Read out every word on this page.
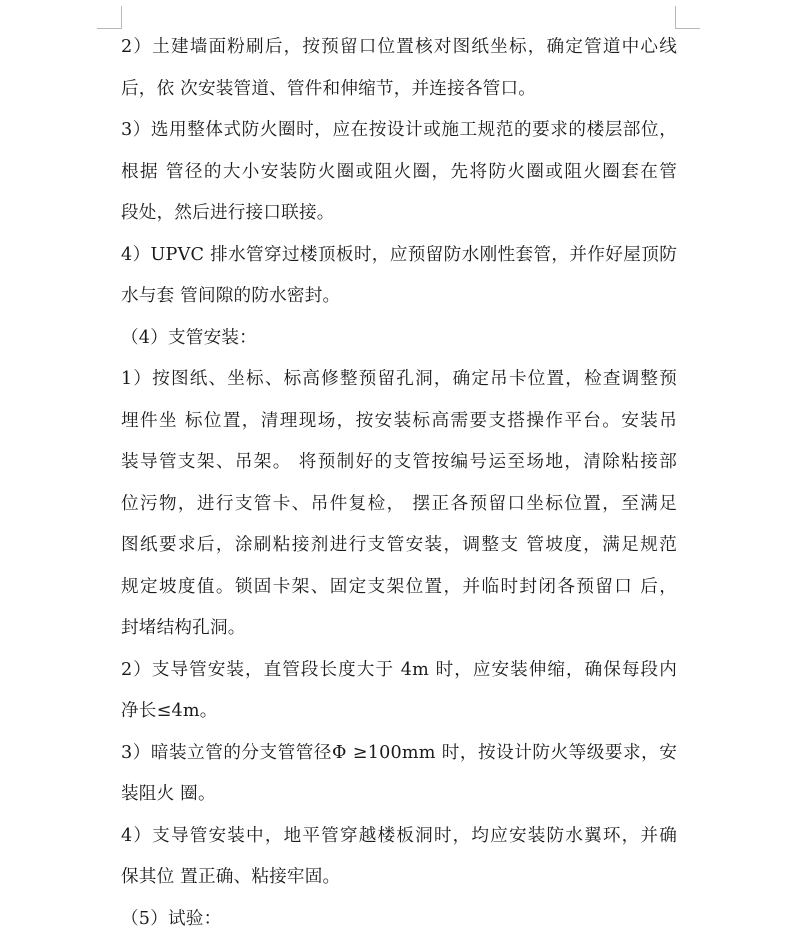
2）土建墙面粉刷后，按预留口位置核对图纸坐标，确定管道中心线
后，依 次安装管道、管件和伸缩节，并连接各管口。
3）选用整体式防火圈时，应在按设计或施工规范的要求的楼层部位，
根据 管径的大小安装防火圈或阻火圈，先将防火圈或阻火圈套在管
段处，然后进行接口联接。
4）UPVC 排水管穿过楼顶板时，应预留防水刚性套管，并作好屋顶防
水与套 管间隙的防水密封。
（4）支管安装：
1）按图纸、坐标、标高修整预留孔洞，确定吊卡位置，检查调整预
埋件坐 标位置，清理现场，按安装标高需要支搭操作平台。安装吊
装导管支架、吊架。 将预制好的支管按编号运至场地，清除粘接部
位污物，进行支管卡、吊件复检， 摆正各预留口坐标位置，至满足
图纸要求后，涂刷粘接剂进行支管安装，调整支 管坡度，满足规范
规定坡度值。锁固卡架、固定支架位置，并临时封闭各预留口 后，
封堵结构孔洞。
2）支导管安装，直管段长度大于 4m 时，应安装伸缩，确保每段内
净长≤4m。
3）暗装立管的分支管管径Φ ≥100mm 时，按设计防火等级要求，安
装阻火 圈。
4）支导管安装中，地平管穿越楼板洞时，均应安装防水翼环，并确
保其位 置正确、粘接牢固。
（5）试验：
